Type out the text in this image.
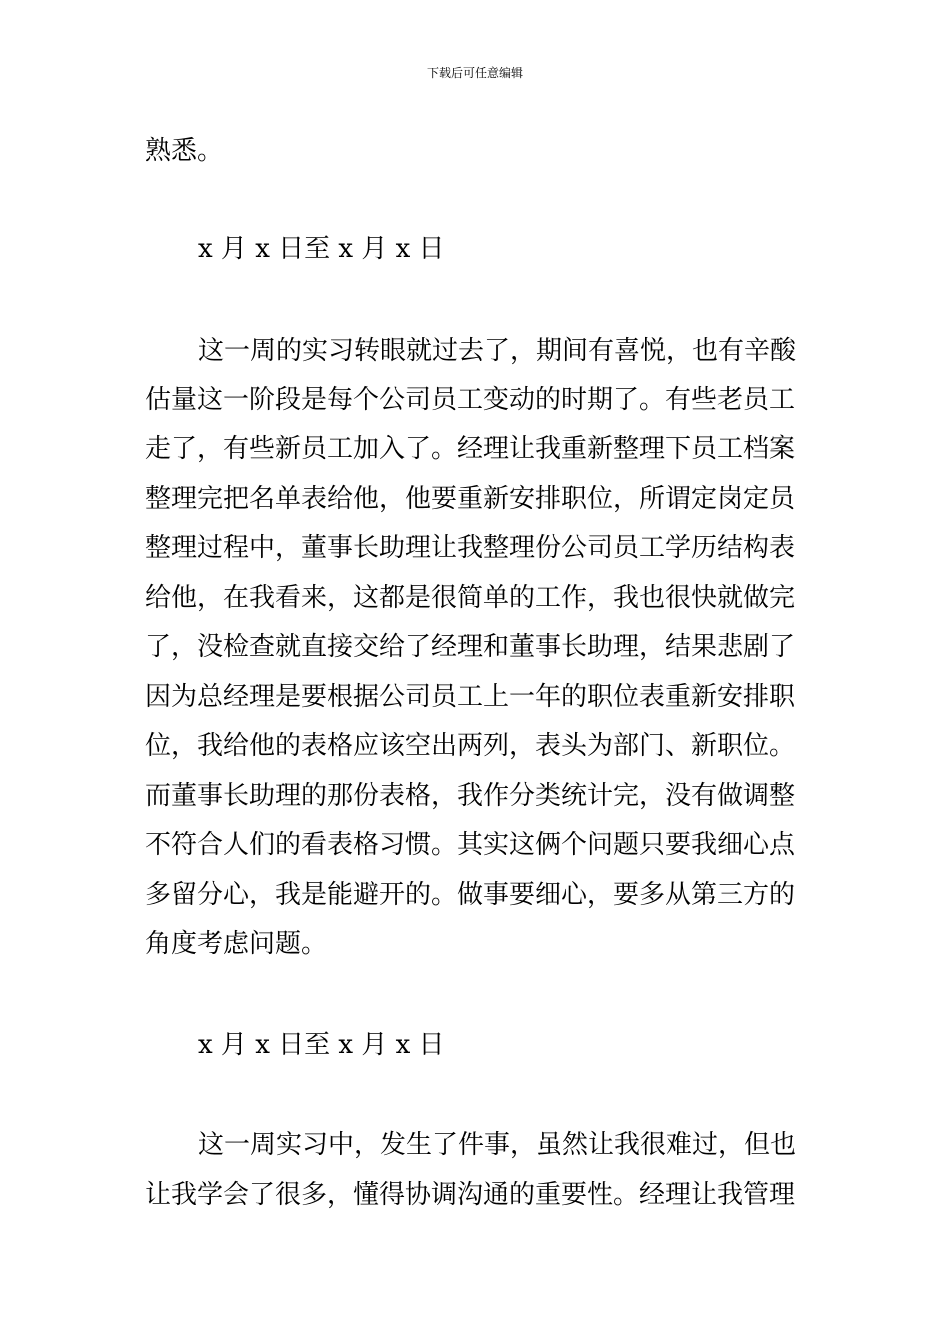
下载后可任意编辑
熟悉。
x 月 x 日至 x 月 x 日
这一周的实习转眼就过去了，期间有喜悦，也有辛酸
估量这一阶段是每个公司员工变动的时期了。有些老员工
走了，有些新员工加入了。经理让我重新整理下员工档案
整理完把名单表给他，他要重新安排职位，所谓定岗定员
整理过程中，董事长助理让我整理份公司员工学历结构表
给他，在我看来，这都是很简单的工作，我也很快就做完
了，没检查就直接交给了经理和董事长助理，结果悲剧了
因为总经理是要根据公司员工上一年的职位表重新安排职
位，我给他的表格应该空出两列，表头为部门、新职位。
而董事长助理的那份表格，我作分类统计完，没有做调整
不符合人们的看表格习惯。其实这俩个问题只要我细心点
多留分心，我是能避开的。做事要细心，要多从第三方的
角度考虑问题。
x 月 x 日至 x 月 x 日
这一周实习中，发生了件事，虽然让我很难过，但也
让我学会了很多，懂得协调沟通的重要性。经理让我管理
